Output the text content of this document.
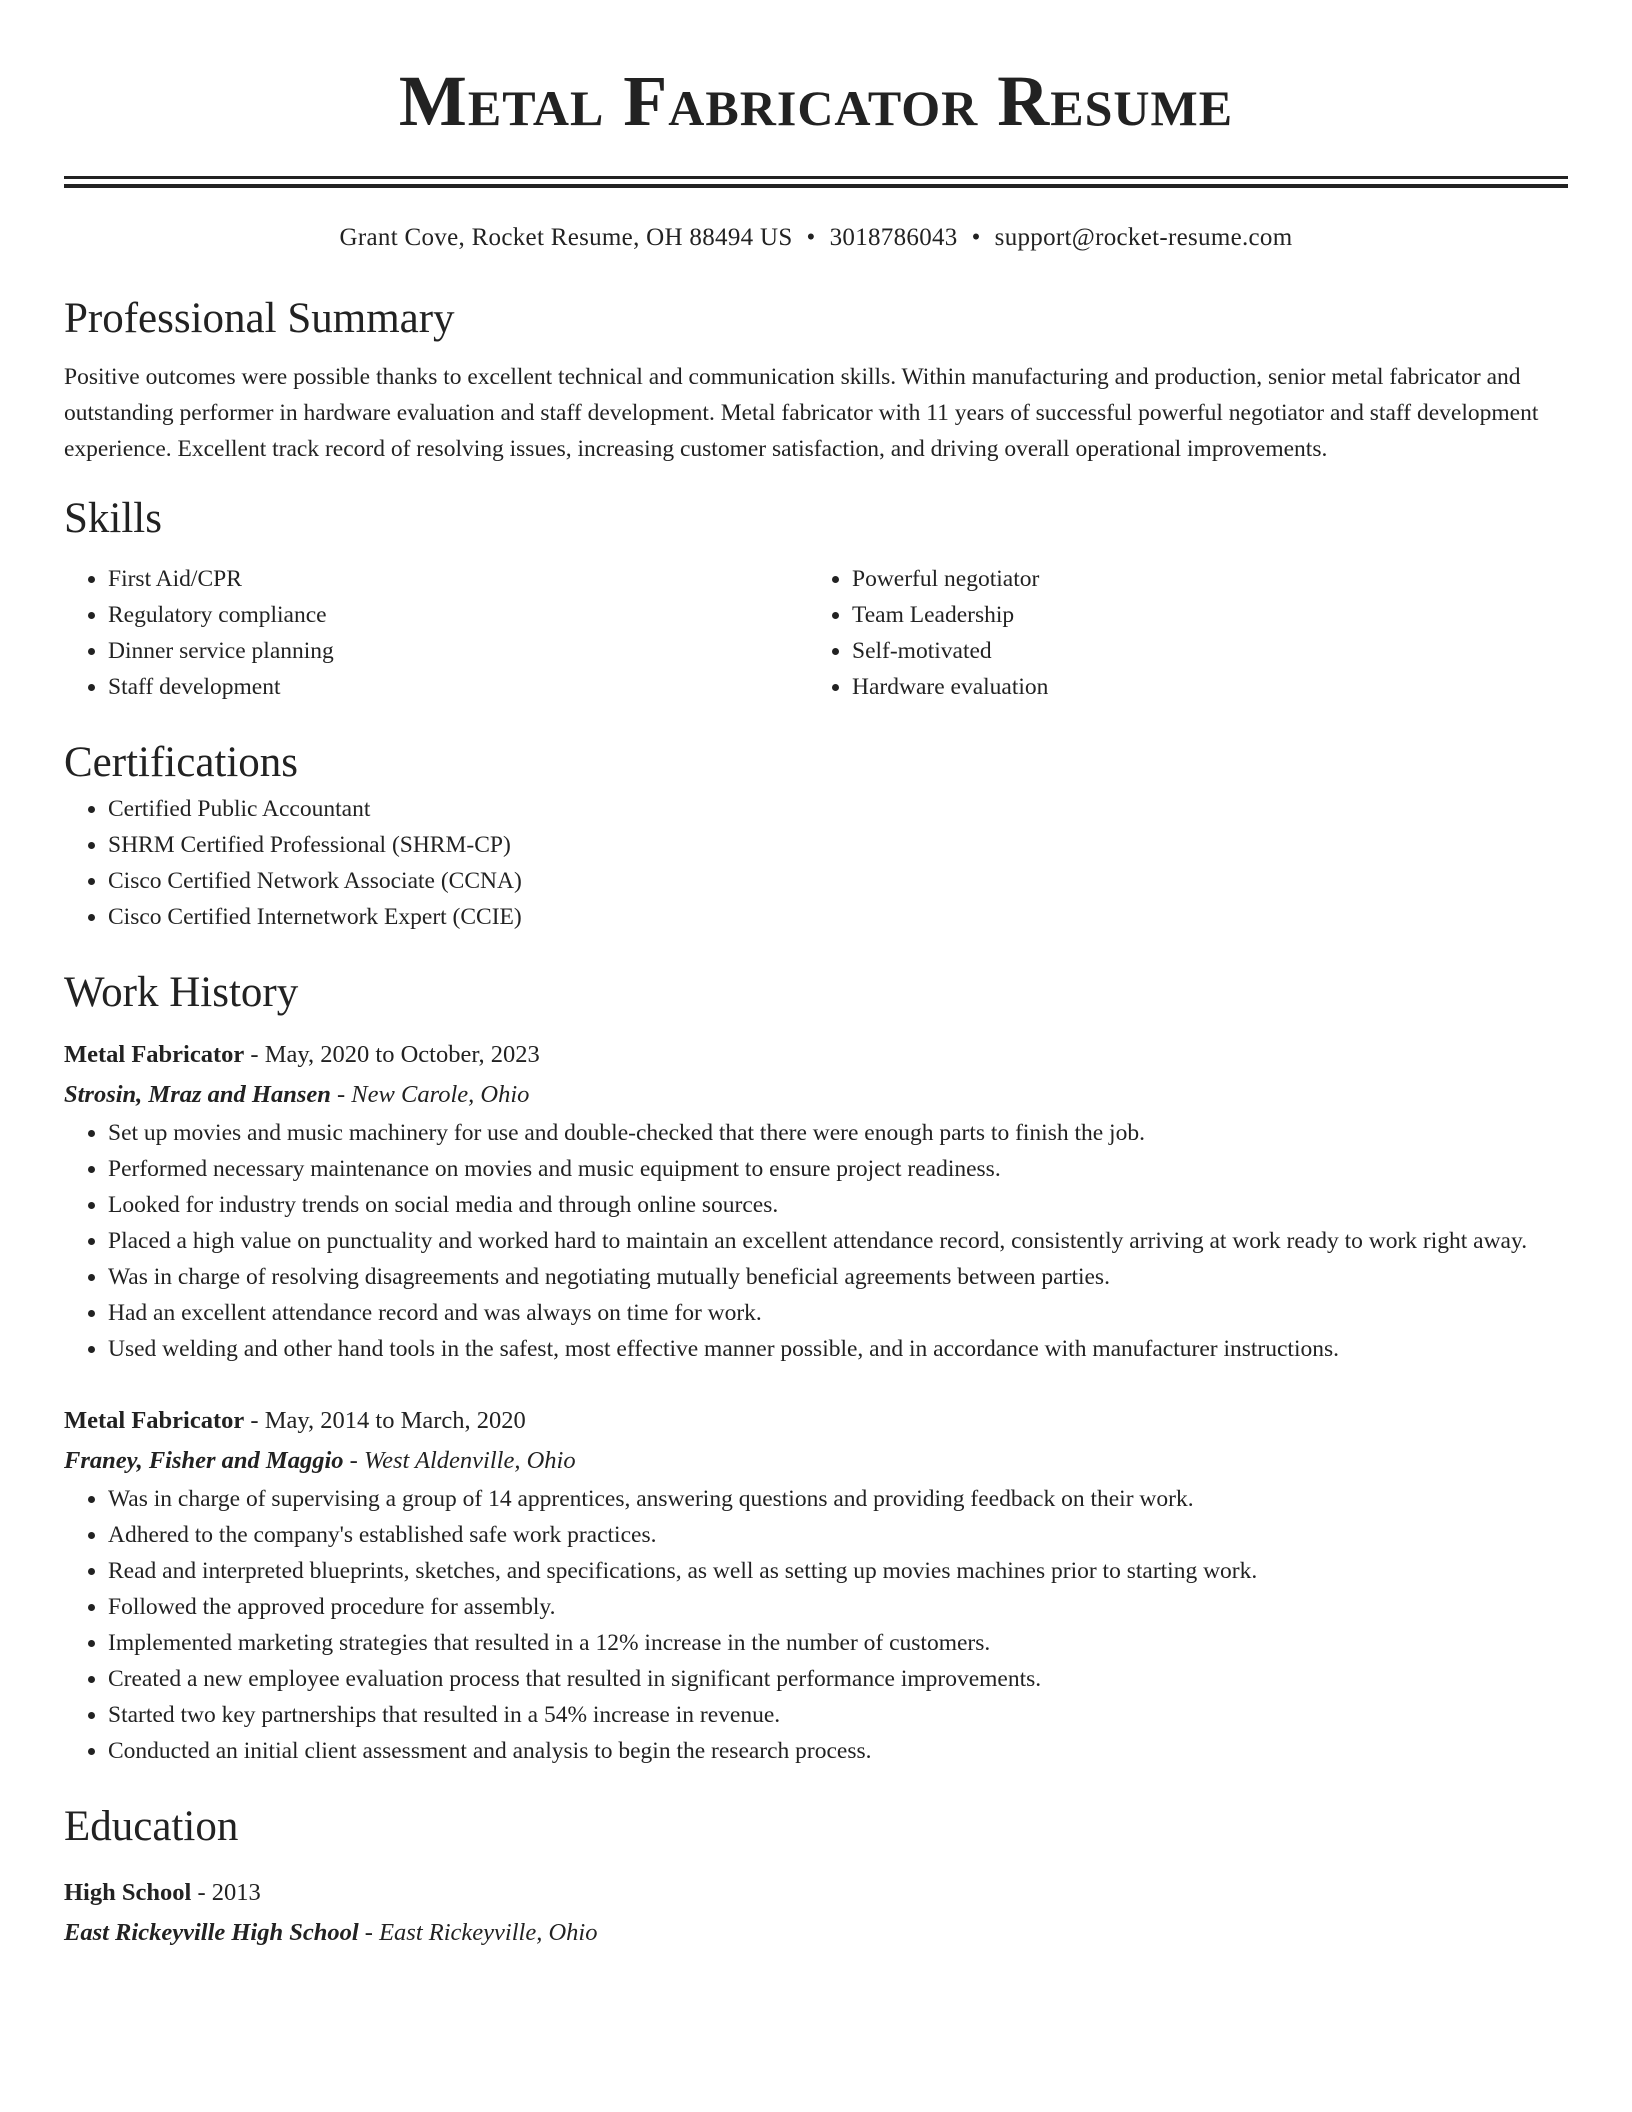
Metal Fabricator Resume
Grant Cove, Rocket Resume, OH 88494 US • 3018786043 • support@rocket-resume.com
Professional Summary
Positive outcomes were possible thanks to excellent technical and communication skills. Within manufacturing and production, senior metal fabricator and outstanding performer in hardware evaluation and staff development. Metal fabricator with 11 years of successful powerful negotiator and staff development experience. Excellent track record of resolving issues, increasing customer satisfaction, and driving overall operational improvements.
Skills
• First Aid/CPR
• Regulatory compliance
• Dinner service planning
• Staff development
• Powerful negotiator
• Team Leadership
• Self-motivated
• Hardware evaluation
Certifications
• Certified Public Accountant
• SHRM Certified Professional (SHRM-CP)
• Cisco Certified Network Associate (CCNA)
• Cisco Certified Internetwork Expert (CCIE)
Work History
Metal Fabricator - May, 2020 to October, 2023
Strosin, Mraz and Hansen - New Carole, Ohio
• Set up movies and music machinery for use and double-checked that there were enough parts to finish the job.
• Performed necessary maintenance on movies and music equipment to ensure project readiness.
• Looked for industry trends on social media and through online sources.
• Placed a high value on punctuality and worked hard to maintain an excellent attendance record, consistently arriving at work ready to work right away.
• Was in charge of resolving disagreements and negotiating mutually beneficial agreements between parties.
• Had an excellent attendance record and was always on time for work.
• Used welding and other hand tools in the safest, most effective manner possible, and in accordance with manufacturer instructions.
Metal Fabricator - May, 2014 to March, 2020
Franey, Fisher and Maggio - West Aldenville, Ohio
• Was in charge of supervising a group of 14 apprentices, answering questions and providing feedback on their work.
• Adhered to the company's established safe work practices.
• Read and interpreted blueprints, sketches, and specifications, as well as setting up movies machines prior to starting work.
• Followed the approved procedure for assembly.
• Implemented marketing strategies that resulted in a 12% increase in the number of customers.
• Created a new employee evaluation process that resulted in significant performance improvements.
• Started two key partnerships that resulted in a 54% increase in revenue.
• Conducted an initial client assessment and analysis to begin the research process.
Education
High School - 2013
East Rickeyville High School - East Rickeyville, Ohio
